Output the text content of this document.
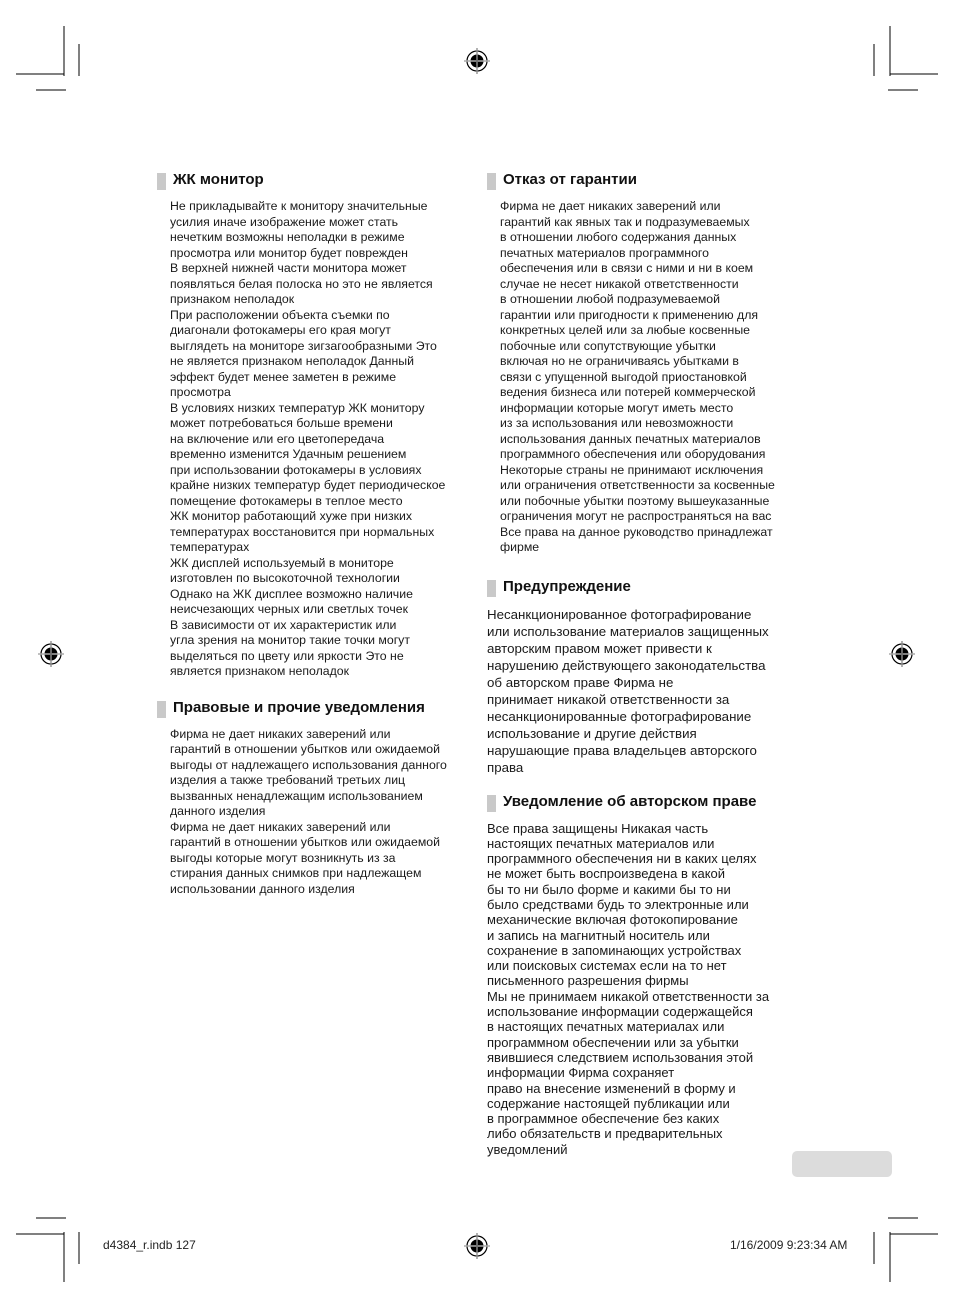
ЖК монитор
Не прикладывайте к монитору значительные
усилия иначе изображение может стать
нечетким возможны неполадки в режиме
просмотра или монитор будет поврежден
В верхней нижней части монитора может
появляться белая полоска но это не является
признаком неполадок
При расположении объекта съемки по
диагонали фотокамеры его края могут
выглядеть на мониторе зигзагообразными Это
не является признаком неполадок Данный
эффект будет менее заметен в режиме
просмотра
В условиях низких температур ЖК монитору
может потребоваться больше времени
на включение или его цветопередача
временно изменится Удачным решением
при использовании фотокамеры в условиях
крайне низких температур будет периодическое
помещение фотокамеры в теплое место
ЖК монитор работающий хуже при низких
температурах восстановится при нормальных
температурах
ЖК дисплей используемый в мониторе
изготовлен по высокоточной технологии
Однако на ЖК дисплее возможно наличие
неисчезающих черных или светлых точек
В зависимости от их характеристик или
угла зрения на монитор такие точки могут
выделяться по цвету или яркости Это не
является признаком неполадок
Правовые и прочие уведомления
Фирма не дает никаких заверений или
гарантий в отношении убытков или ожидаемой
выгоды от надлежащего использования данного
изделия а также требований третьих лиц
вызванных ненадлежащим использованием
данного изделия
Фирма не дает никаких заверений или
гарантий в отношении убытков или ожидаемой
выгоды которые могут возникнуть из за
стирания данных снимков при надлежащем
использовании данного изделия
Отказ от гарантии
Фирма не дает никаких заверений или
гарантий как явных так и подразумеваемых
в отношении любого содержания данных
печатных материалов программного
обеспечения или в связи с ними и ни в коем
случае не несет никакой ответственности
в отношении любой подразумеваемой
гарантии или пригодности к применению для
конкретных целей или за любые косвенные
побочные или сопутствующие убытки
включая но не ограничиваясь убытками в
связи с упущенной выгодой приостановкой
ведения бизнеса или потерей коммерческой
информации которые могут иметь место
из за использования или невозможности
использования данных печатных материалов
программного обеспечения или оборудования
Некоторые страны не принимают исключения
или ограничения ответственности за косвенные
или побочные убытки поэтому вышеуказанные
ограничения могут не распространяться на вас
Все права на данное руководство принадлежат
фирме
Предупреждение
Несанкционированное фотографирование
или использование материалов защищенных
авторским правом может привести к
нарушению действующего законодательства
об авторском праве Фирма не
принимает никакой ответственности за
несанкционированные фотографирование
использование и другие действия
нарушающие права владельцев авторского
права
Уведомление об авторском праве
Все права защищены Никакая часть
настоящих печатных материалов или
программного обеспечения ни в каких целях
не может быть воспроизведена в какой
бы то ни было форме и какими бы то ни
было средствами будь то электронные или
механические включая фотокопирование
и запись на магнитный носитель или
сохранение в запоминающих устройствах
или поисковых системах если на то нет
письменного разрешения фирмы
Мы не принимаем никакой ответственности за
использование информации содержащейся
в настоящих печатных материалах или
программном обеспечении или за убытки
явившиеся следствием использования этой
информации Фирма сохраняет
право на внесение изменений в форму и
содержание настоящей публикации или
в программное обеспечение без каких
либо обязательств и предварительных
уведомлений
d4384_r.indb 127	1/16/2009 9:23:34 AM
